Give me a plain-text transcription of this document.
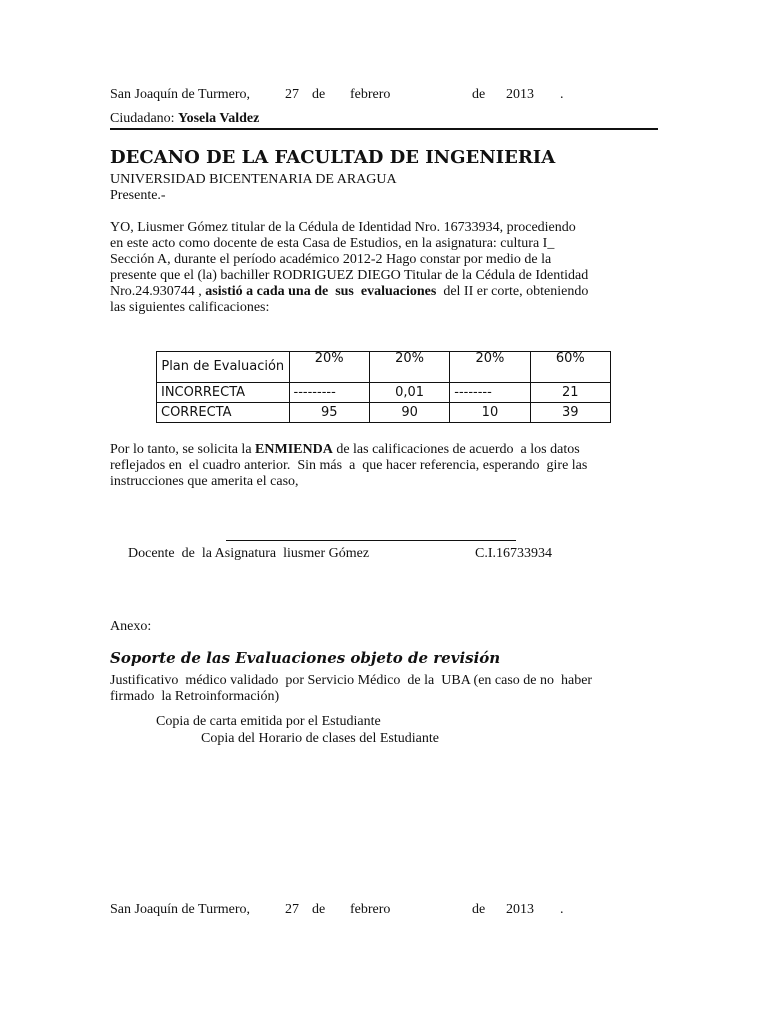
San Joaquín de Turmero,	27 de febrero	de 2013 .
Ciudadano: Yosela Valdez
DECANO DE LA FACULTAD DE INGENIERIA
UNIVERSIDAD BICENTENARIA DE ARAGUA
Presente.-

YO, Liusmer Gómez titular de la Cédula de Identidad Nro. 16733934, procediendo

en este acto como docente de esta Casa de Estudios, en la asignatura: cultura I_

Sección A, durante el período académico 2012-2 Hago constar por medio de la

presente que el (la) bachiller RODRIGUEZ DIEGO Titular de la Cédula de Identidad

Nro.24.930744 , asistió a cada una de  sus  evaluaciones  del II er corte, obteniendo

las siguientes calificaciones:

Plan de Evaluación	20%	20%	20%	60%
INCORRECTA	---------	0,01	--------	21
CORRECTA	95	90	10	39

Por lo tanto, se solicita la ENMIENDA de las calificaciones de acuerdo  a los datos

reflejados en  el cuadro anterior.  Sin más  a  que hacer referencia, esperando  gire las

instrucciones que amerita el caso,

Docente  de  la Asignatura  liusmer Gómez	C.I.16733934
Anexo:
Soporte de las Evaluaciones objeto de revisión
Justificativo  médico validado  por Servicio Médico  de la  UBA (en caso de no  haber
firmado  la Retroinformación)
Copia de carta emitida por el Estudiante
Copia del Horario de clases del Estudiante
San Joaquín de Turmero,	27 de febrero	de 2013 .
